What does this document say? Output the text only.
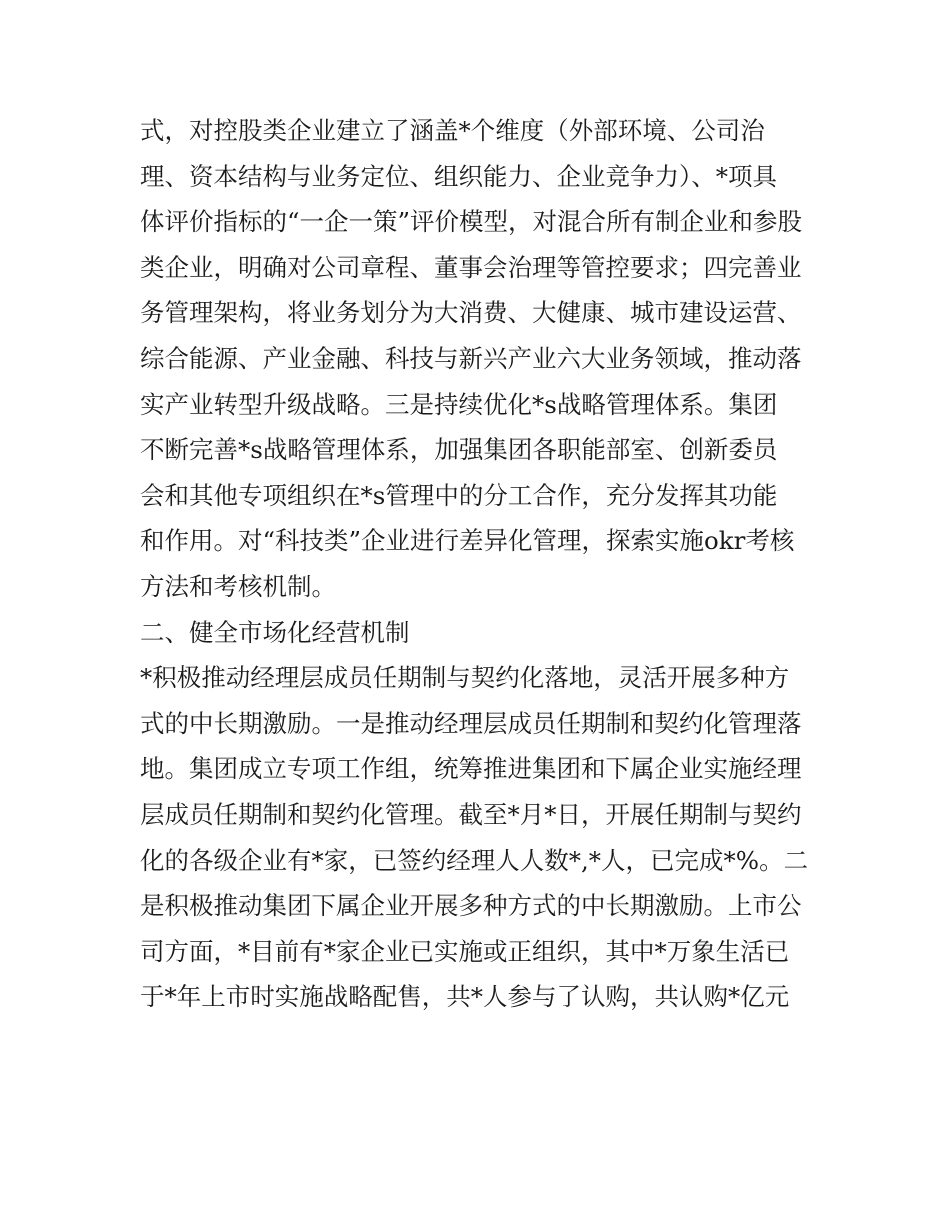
式，对控股类企业建立了涵盖*个维度（外部环境、公司治
理、资本结构与业务定位、组织能力、企业竞争力）、*项具
体评价指标的“一企一策”评价模型，对混合所有制企业和参股
类企业，明确对公司章程、董事会治理等管控要求；四完善业
务管理架构，将业务划分为大消费、大健康、城市建设运营、
综合能源、产业金融、科技与新兴产业六大业务领域，推动落
实产业转型升级战略。三是持续优化*s战略管理体系。集团
不断完善*s战略管理体系，加强集团各职能部室、创新委员
会和其他专项组织在*s管理中的分工合作，充分发挥其功能
和作用。对“科技类”企业进行差异化管理，探索实施okr考核
方法和考核机制。
二、健全市场化经营机制
*积极推动经理层成员任期制与契约化落地，灵活开展多种方
式的中长期激励。一是推动经理层成员任期制和契约化管理落
地。集团成立专项工作组，统筹推进集团和下属企业实施经理
层成员任期制和契约化管理。截至*月*日，开展任期制与契约
化的各级企业有*家，已签约经理人人数*,*人，已完成*%。二
是积极推动集团下属企业开展多种方式的中长期激励。上市公
司方面，*目前有*家企业已实施或正组织，其中*万象生活已
于*年上市时实施战略配售，共*人参与了认购，共认购*亿元
